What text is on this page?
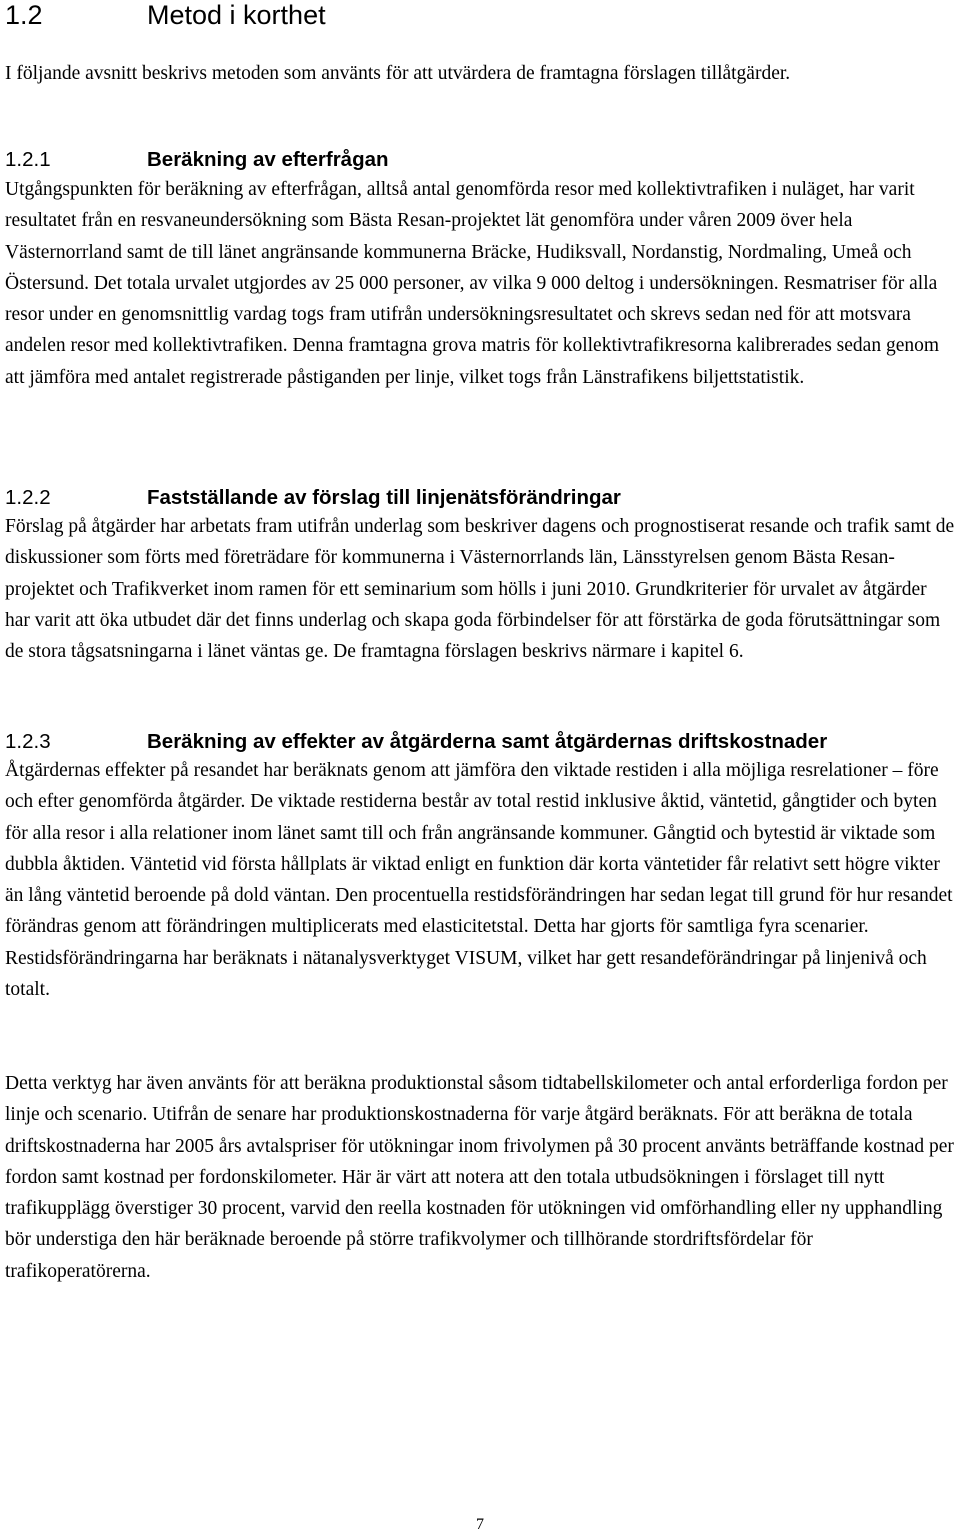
1.2	Metod i korthet

I följande avsnitt beskrivs metoden som använts för att utvärdera de framtagna förslagen tillåtgärder.

1.2.1	Beräkning av efterfrågan

Utgångspunkten för beräkning av efterfrågan, alltså antal genomförda resor med kollektivtrafiken i nuläget, har varit resultatet från en resvaneundersökning som Bästa Resan-projektet lät genomföra under våren 2009 över hela Västernorrland samt de till länet angränsande kommunerna Bräcke, Hudiksvall, Nordanstig, Nordmaling, Umeå och Östersund. Det totala urvalet utgjordes av 25 000 personer, av vilka 9 000 deltog i undersökningen. Resmatriser för alla resor under en genomsnittlig vardag togs fram utifrån undersökningsresultatet och skrevs sedan ned för att motsvara andelen resor med kollektivtrafiken. Denna framtagna grova matris för kollektivtrafikresorna kalibrerades sedan genom att jämföra med antalet registrerade påstiganden per linje, vilket togs från Länstrafikens biljettstatistik.

1.2.2	Fastställande av förslag till linjenätsförändringar

Förslag på åtgärder har arbetats fram utifrån underlag som beskriver dagens och prognostiserat resande och trafik samt de diskussioner som förts med företrädare för kommunerna i Västernorrlands län, Länsstyrelsen genom Bästa Resan-projektet och Trafikverket inom ramen för ett seminarium som hölls i juni 2010. Grundkriterier för urvalet av åtgärder har varit att öka utbudet där det finns underlag och skapa goda förbindelser för att förstärka de goda förutsättningar som de stora tågsatsningarna i länet väntas ge. De framtagna förslagen beskrivs närmare i kapitel 6.

1.2.3	Beräkning av effekter av åtgärderna samt åtgärdernas driftskostnader

Åtgärdernas effekter på resandet har beräknats genom att jämföra den viktade restiden i alla möjliga resrelationer – före och efter genomförda åtgärder. De viktade restiderna består av total restid inklusive åktid, väntetid, gångtider och byten för alla resor i alla relationer inom länet samt till och från angränsande kommuner. Gångtid och bytestid är viktade som dubbla åktiden. Väntetid vid första hållplats är viktad enligt en funktion där korta väntetider får relativt sett högre vikter än lång väntetid beroende på dold väntan. Den procentuella restidsförändringen har sedan legat till grund för hur resandet förändras genom att förändringen multiplicerats med elasticitetstal. Detta har gjorts för samtliga fyra scenarier. Restidsförändringarna har beräknats i nätanalysverktyget VISUM, vilket har gett resandeförändringar på linjenivå och totalt.

Detta verktyg har även använts för att beräkna produktionstal såsom tidtabellskilometer och antal erforderliga fordon per linje och scenario. Utifrån de senare har produktionskostnaderna för varje åtgärd beräknats. För att beräkna de totala driftskostnaderna har 2005 års avtalspriser för utökningar inom frivolymen på 30 procent använts beträffande kostnad per fordon samt kostnad per fordonskilometer. Här är värt att notera att den totala utbudsökningen i förslaget till nytt trafikupplägg överstiger 30 procent, varvid den reella kostnaden för utökningen vid omförhandling eller ny upphandling bör understiga den här beräknade beroende på större trafikvolymer och tillhörande stordriftsfördelar för trafikoperatörerna.

7
